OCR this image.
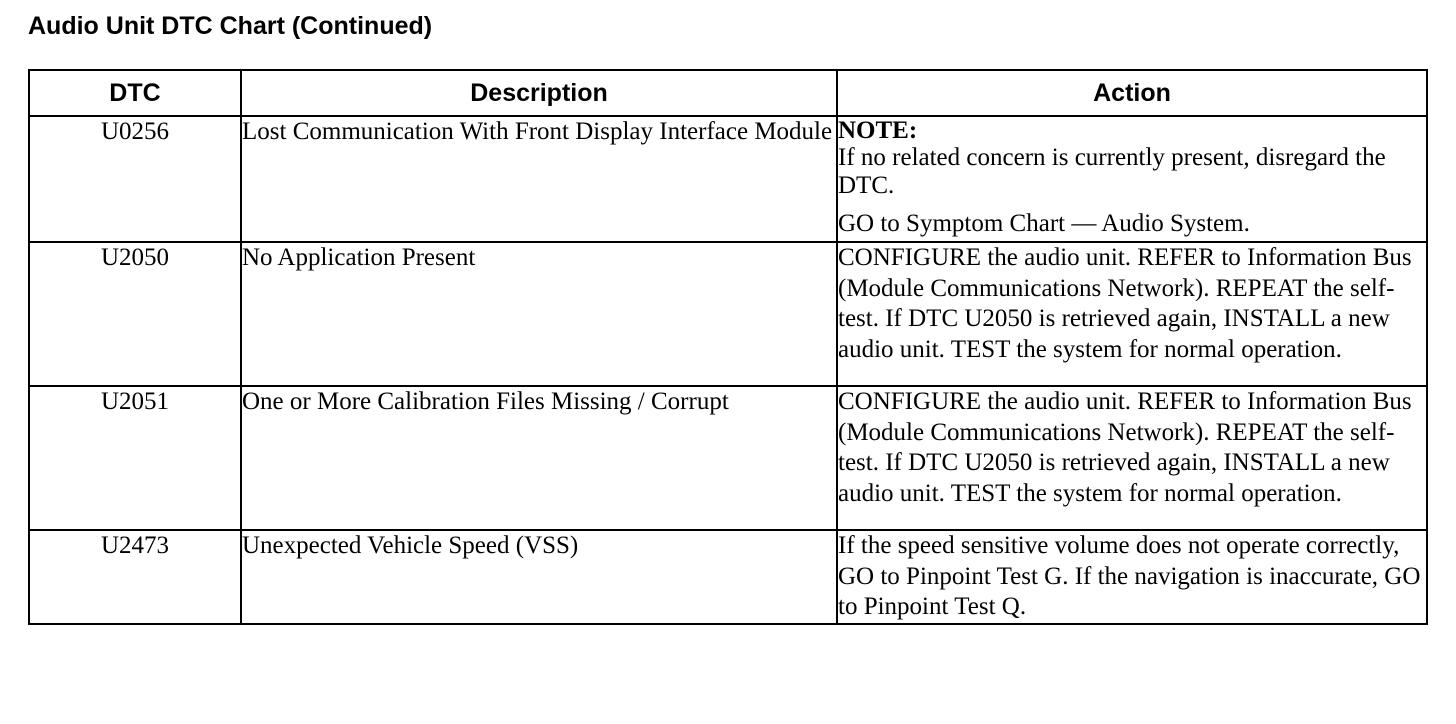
Audio Unit DTC Chart (Continued)
DTC	Description	Action
U0256	Lost Communication With Front Display Interface Module	NOTE:
If no related concern is currently present, disregard the DTC.
GO to Symptom Chart — Audio System.

U2050	No Application Present	CONFIGURE the audio unit. REFER to Information Bus (Module Communications Network). REPEAT the self-test. If DTC U2050 is retrieved again, INSTALL a new audio unit. TEST the system for normal operation.
U2051	One or More Calibration Files Missing / Corrupt	CONFIGURE the audio unit. REFER to Information Bus (Module Communications Network). REPEAT the self-test. If DTC U2050 is retrieved again, INSTALL a new audio unit. TEST the system for normal operation.
U2473	Unexpected Vehicle Speed (VSS)	If the speed sensitive volume does not operate correctly, GO to Pinpoint Test G. If the navigation is inaccurate, GO to Pinpoint Test Q.
